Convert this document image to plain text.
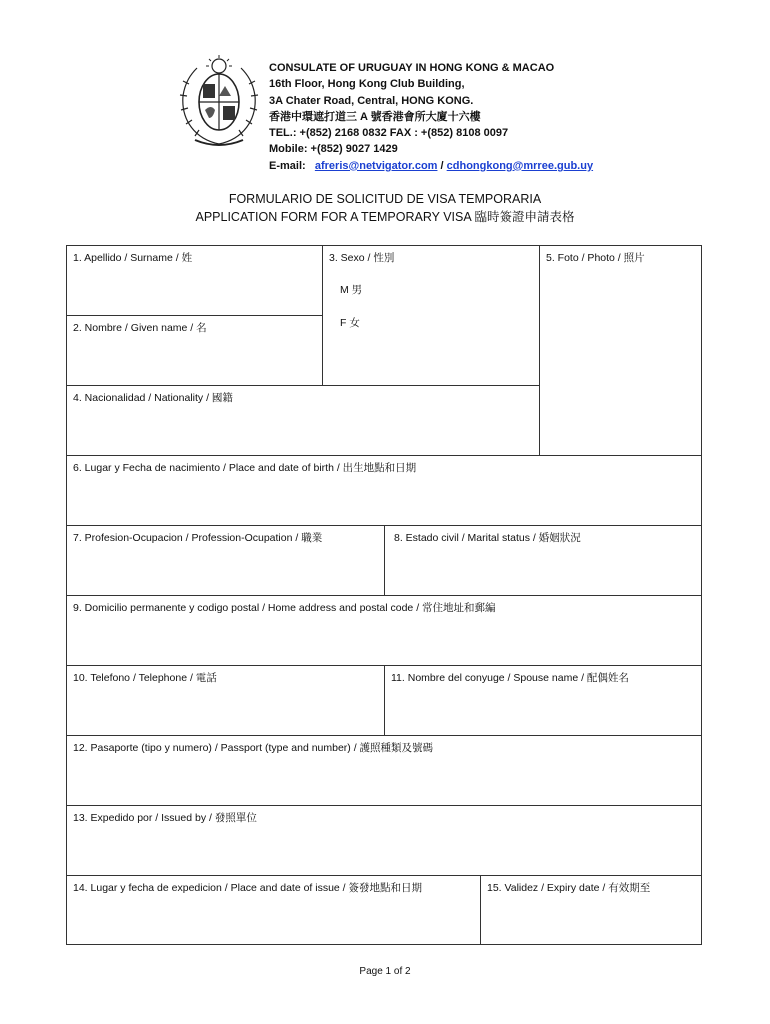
CONSULATE OF URUGUAY IN HONG KONG & MACAO
16th Floor, Hong Kong Club Building,
3A Chater Road, Central, HONG KONG.
香港中環遮打道三 A 號香港會所大廈十六樓
TEL.: +(852) 2168 0832 FAX : +(852) 8108 0097
Mobile: +(852) 9027 1429
E-mail: afreris@netvigator.com / cdhongkong@mrree.gub.uy
FORMULARIO DE SOLICITUD DE VISA TEMPORARIA
APPLICATION FORM FOR A TEMPORARY VISA 臨時簽證申請表格
1. Apellido / Surname / 姓	3. Sexo / 性別
M 男
F 女
5. Foto / Photo / 照片
2. Nombre / Given name / 名
4. Nacionalidad / Nationality / 國籍
6. Lugar y Fecha de nacimiento / Place and date of birth / 出生地點和日期
7. Profesion-Ocupacion / Profession-Ocupation / 職業	8. Estado civil / Marital status / 婚姻狀況
9. Domicilio permanente y codigo postal / Home address and postal code / 常住地址和郵編
10. Telefono / Telephone / 電話	11. Nombre del conyuge / Spouse name / 配偶姓名
12. Pasaporte (tipo y numero) / Passport (type and number) / 護照種類及號碼
13. Expedido por / Issued by / 發照單位
14. Lugar y fecha de expedicion / Place and date of issue / 簽發地點和日期	15. Validez / Expiry date / 有效期至
Page 1 of 2
